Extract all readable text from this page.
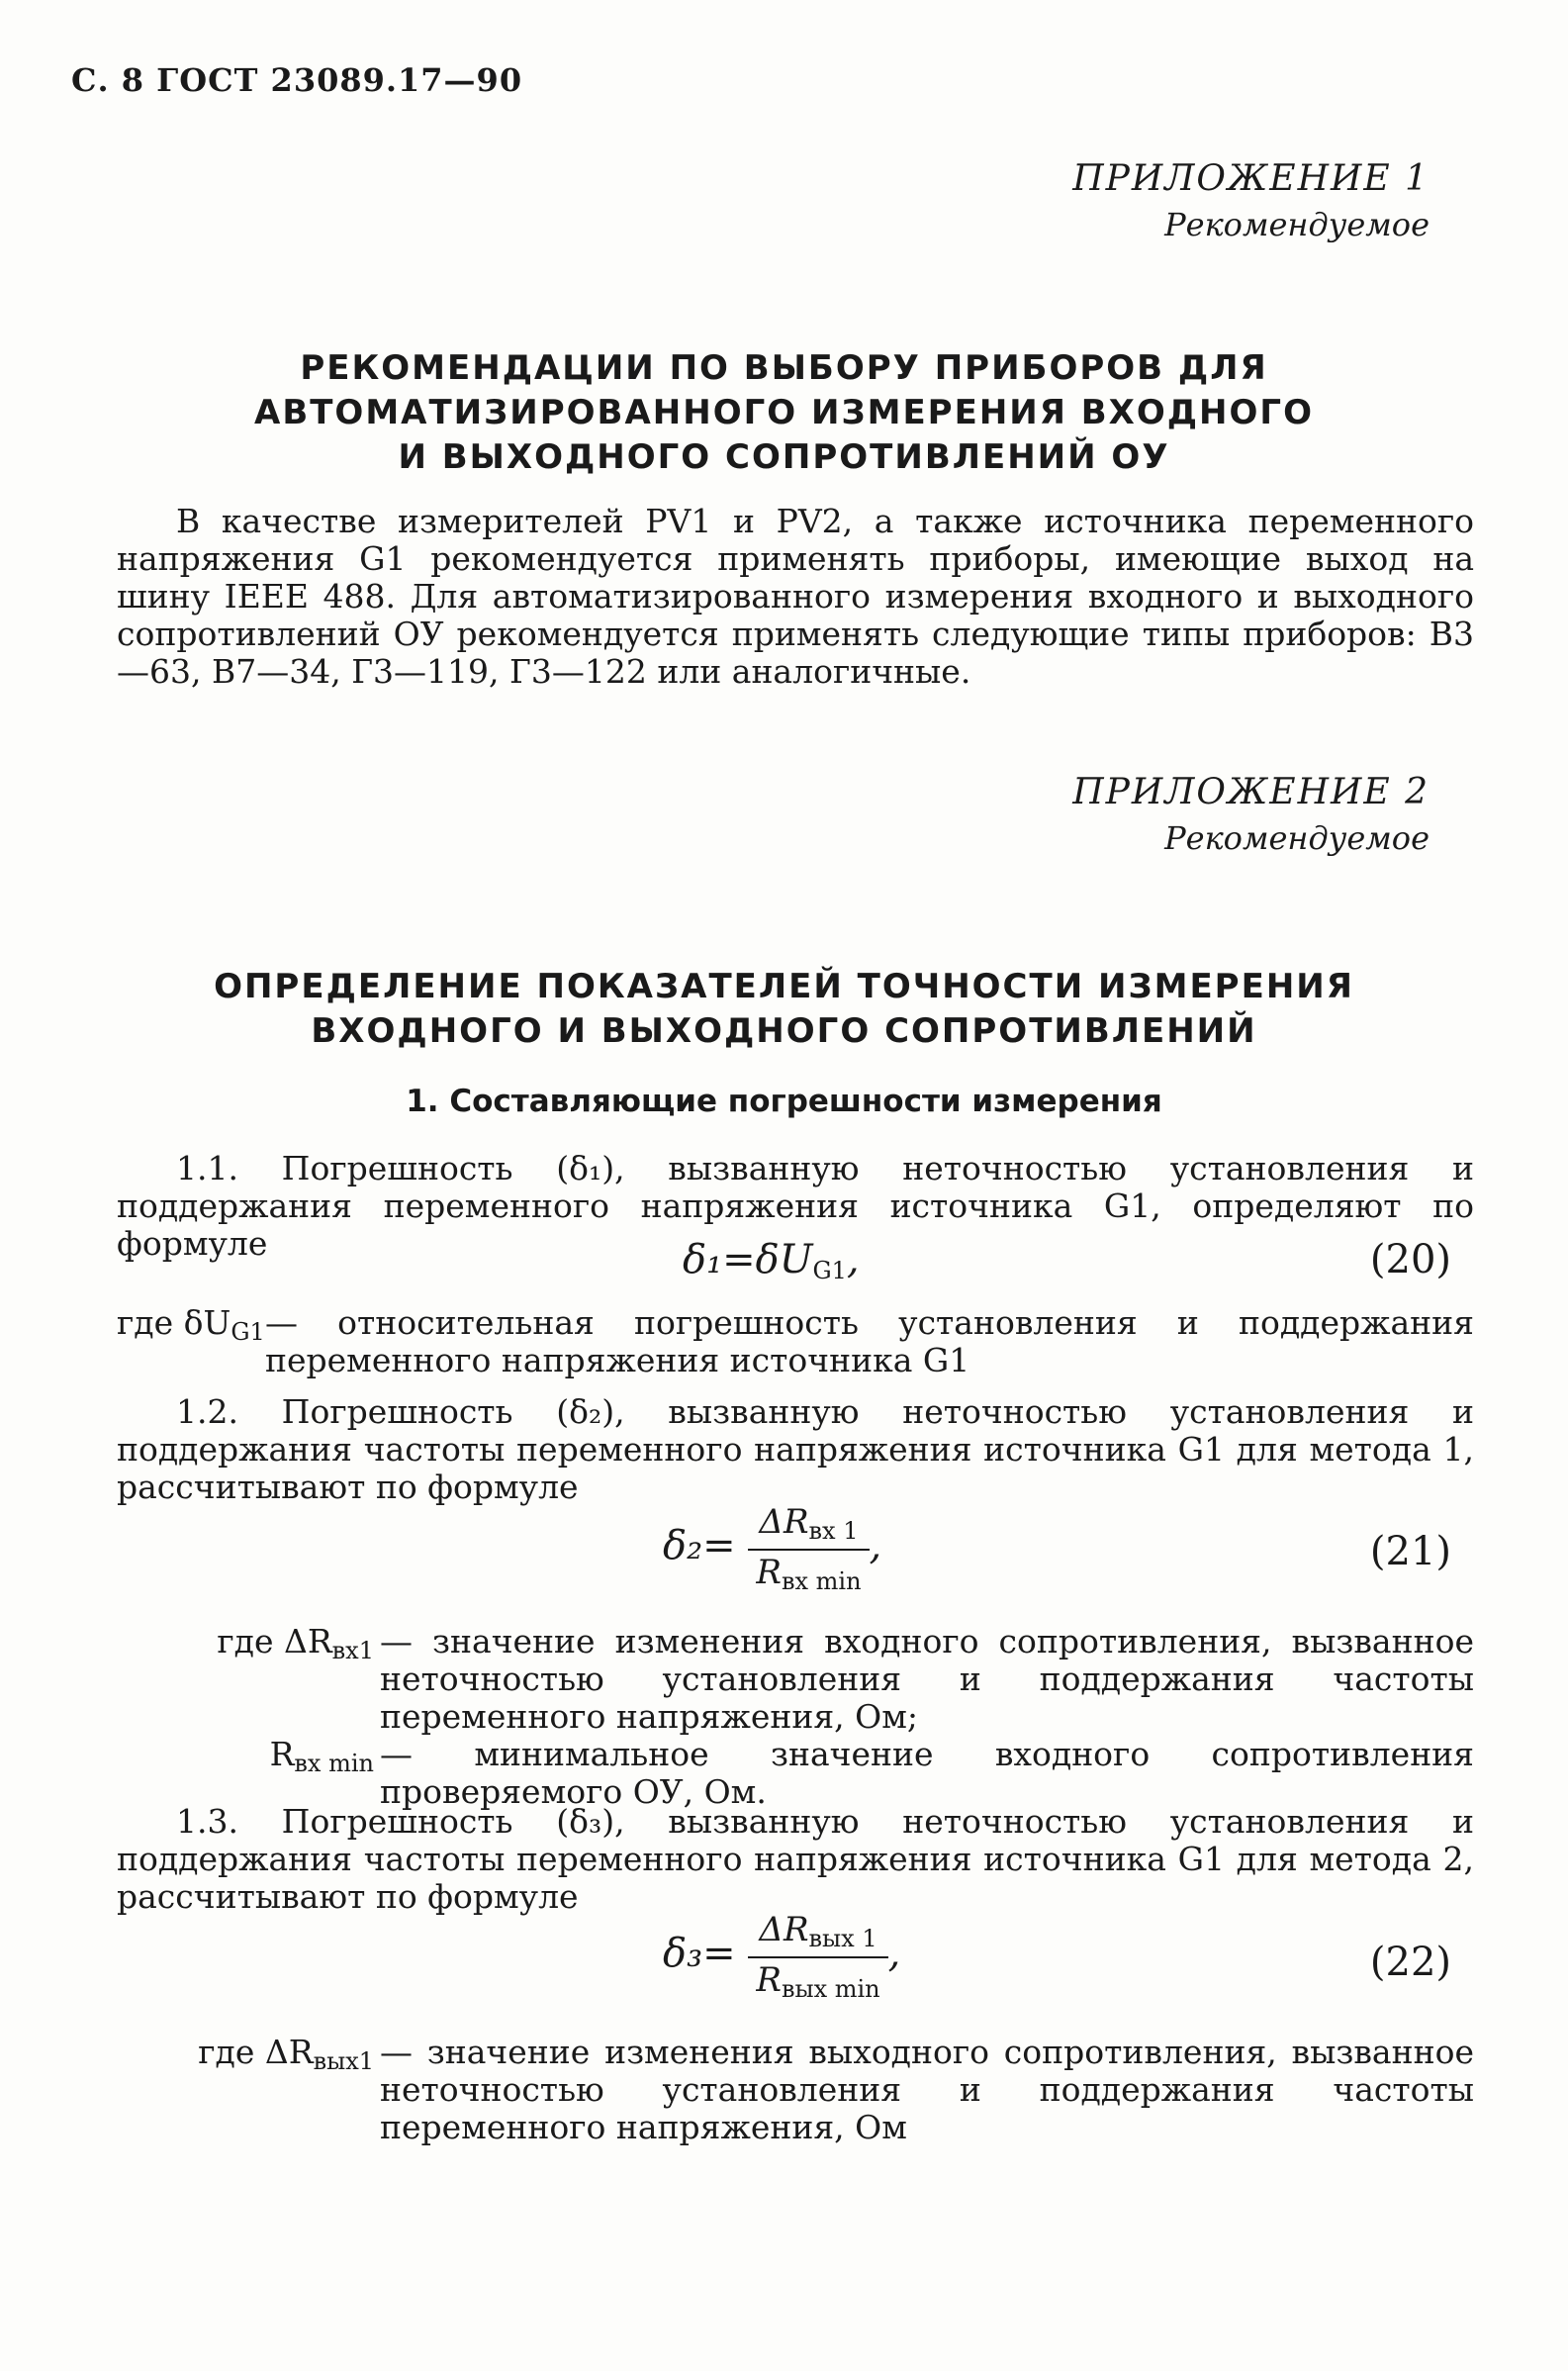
С. 8 ГОСТ 23089.17—90
ПРИЛОЖЕНИЕ 1
Рекомендуемое
РЕКОМЕНДАЦИИ ПО ВЫБОРУ ПРИБОРОВ ДЛЯ
АВТОМАТИЗИРОВАННОГО ИЗМЕРЕНИЯ ВХОДНОГО
И ВЫХОДНОГО СОПРОТИВЛЕНИЙ ОУ

В качестве измерителей PV1 и PV2, а также источника переменного напряжения G1 рекомендуется применять приборы, имеющие выход на шину IEEE 488. Для автоматизированного измерения входного и выходного сопротивлений ОУ рекомендуется применять следующие типы приборов: В3—63, В7—34, Г3—119, Г3—122 или аналогичные.

ПРИЛОЖЕНИЕ 2
Рекомендуемое
ОПРЕДЕЛЕНИЕ ПОКАЗАТЕЛЕЙ ТОЧНОСТИ ИЗМЕРЕНИЯ
ВХОДНОГО И ВЫХОДНОГО СОПРОТИВЛЕНИЙ
1. Составляющие погрешности измерения

1.1. Погрешность (δ₁), вызванную неточностью установления и поддержания переменного напряжения источника G1, определяют по формуле	δ₁=δUG1,	(20)
где δUG1 — относительная погрешность установления и поддержания переменного напряжения источника G1

1.2. Погрешность (δ₂), вызванную неточностью установления и поддержания частоты переменного напряжения источника G1 для метода 1, рассчитывают по формуле

$\delta_2= \frac{\text{ΔRвх 1}}{\text{Rвх min}}$ ,	(21)
где ΔRвх1 — значение изменения входного сопротивления, вызванное неточностью установления и поддержания частоты переменного напряжения, Ом;
Rвх min — минимальное значение входного сопротивления проверяемого ОУ, Ом.

1.3. Погрешность (δ₃), вызванную неточностью установления и поддержания частоты переменного напряжения источника G1 для метода 2, рассчитывают по формуле

$\delta_3= \frac{\text{ΔRвых 1}}{\text{Rвых min}}$ ,	(22)
где ΔRвых1 — значение изменения выходного сопротивления, вызванное неточностью установления и поддержания частоты переменного напряжения, Ом
